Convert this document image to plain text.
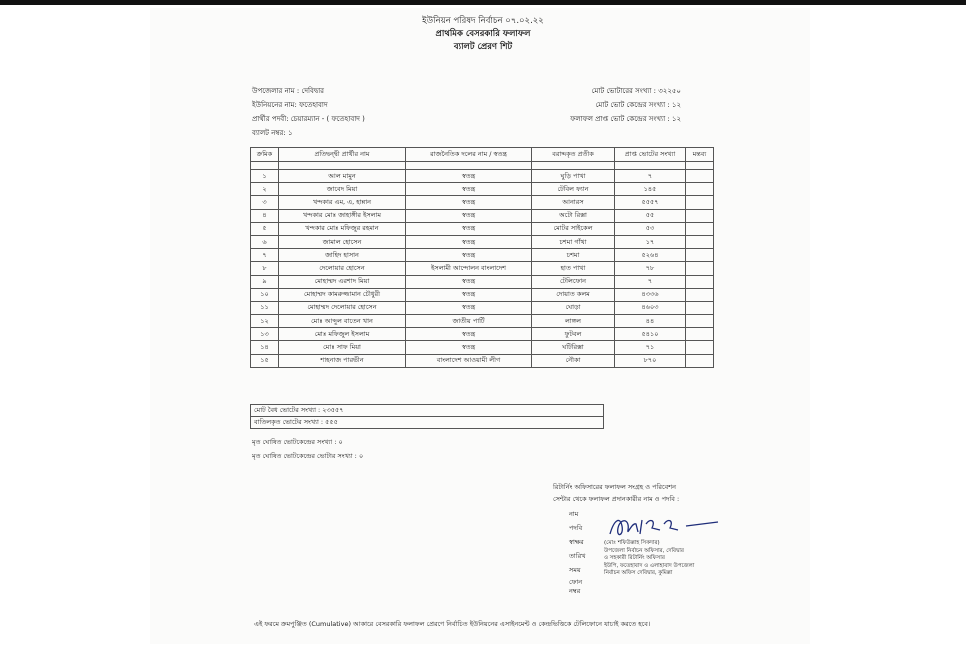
ইউনিয়ন পরিষদ নির্বাচন ০৭.০২.২২
প্রাথমিক বেসরকারি ফলাফল
ব্যালট প্রেরণ শিট
উপজেলার নাম : দেবিদ্বার
ইউনিয়নের নাম: ফতেহাবাদ
প্রার্থীর পদবী: চেয়ারম্যান - ( ফতেহাবাদ )
ব্যালট নম্বর: ১
মোট ভোটারের সংখ্যা : ৩২২৫০
মোট ভোট কেন্দ্রের সংখ্যা : ১২
ফলাফল প্রাপ্ত ভোট কেন্দ্রের সংখ্যা : ১২
ক্রমিক	প্রতিদ্বন্দ্বী প্রার্থীর নাম	রাজনৈতিক দলের নাম / স্বতন্ত্র	বরাদ্দকৃত প্রতীক	প্রাপ্ত ভোটের সংখ্যা	মন্তব্য

১	আল মামুন	স্বতন্ত্র	ঘুড়ি পাখা	৭	
২	জাবেদ মিয়া	স্বতন্ত্র	টেবিল ফ্যান	১৪৫	
৩	খন্দকার এম, এ, হান্নান	স্বতন্ত্র	আনারস	৫৫৫৭	
৪	খন্দকার মোঃ জাহাঙ্গীর ইসলাম	স্বতন্ত্র	অটো রিক্সা	৫৫	
৫	খন্দকার মোঃ মফিজুর রহমান	স্বতন্ত্র	মোটর সাইকেল	৫৩	
৬	জামাল হোসেন	স্বতন্ত্র	চশমা গাঁথা	১৭	
৭	জাহিদ হাসান	স্বতন্ত্র	চশমা	৫২৬৪	
৮	দেলোয়ার হোসেন	ইসলামী আন্দোলন বাংলাদেশ	হাত পাখা	৭৮	
৯	মোহাম্মদ এরশাদ মিয়া	স্বতন্ত্র	টেলিফোন	৭	
১০	মোহাম্মদ কামরুজ্জামান চৌধুরী	স্বতন্ত্র	দোয়াত কলম	৪৩৩৬	
১১	মোহাম্মদ দেলোয়ার হোসেন	স্বতন্ত্র	ঘোড়া	৪৬০৩	
১২	মোঃ আব্দুল বাতেন খান	জাতীয় পার্টি	লাঙ্গল	৪৪	
১৩	মোঃ মফিজুল ইসলাম	স্বতন্ত্র	ফুটবল	৫৪১০	
১৪	মোঃ সাফ মিয়া	স্বতন্ত্র	ঘটিরিক্সা	৭১	
১৫	শাহনাজ পারভীন	বাংলাদেশ আওয়ামী লীগ	নৌকা	৮৭০	
মোট বৈধ ভোটের সংখ্যা : ২৩৫৫৭
বাতিলকৃত ভোটের সংখ্যা : ৫৫৫
মৃত ঘোষিত ভোটকেন্দ্রের সংখ্যা : ০
মৃত ঘোষিত ভোটকেন্দ্রের ভোটার সংখ্যা : ০
রিটার্নিং অফিসারের ফলাফল সংগ্রহ ও পরিবেশন
সেন্টার থেকে ফলাফল প্রদানকারীর নাম ও পদবি :
নাম
পদবি
স্বাক্ষর
তারিখ
সময়
ফোন নম্বর
(মোঃ শফিউল্লাহ সিকদার)
উপজেলা নির্বাচন অফিসার, দেবিদ্বার
ও সহকারী রিটার্নিং অফিসার
ইউপি, ফতেহাবাদ ও এলাহাবাদ উপজেলা
নির্বাচন অফিস দেবিদ্বার, কুমিল্লা
এই ফরমে ক্রমপুঞ্জিত (Cumulative) আকারে বেসরকারি ফলাফল প্রেরণে নির্বাচিত ইউনিয়নের এসাইনমেন্ট ও কেন্দ্রভিত্তিকে টেলিফোনে যাচাই করতে হবে।
